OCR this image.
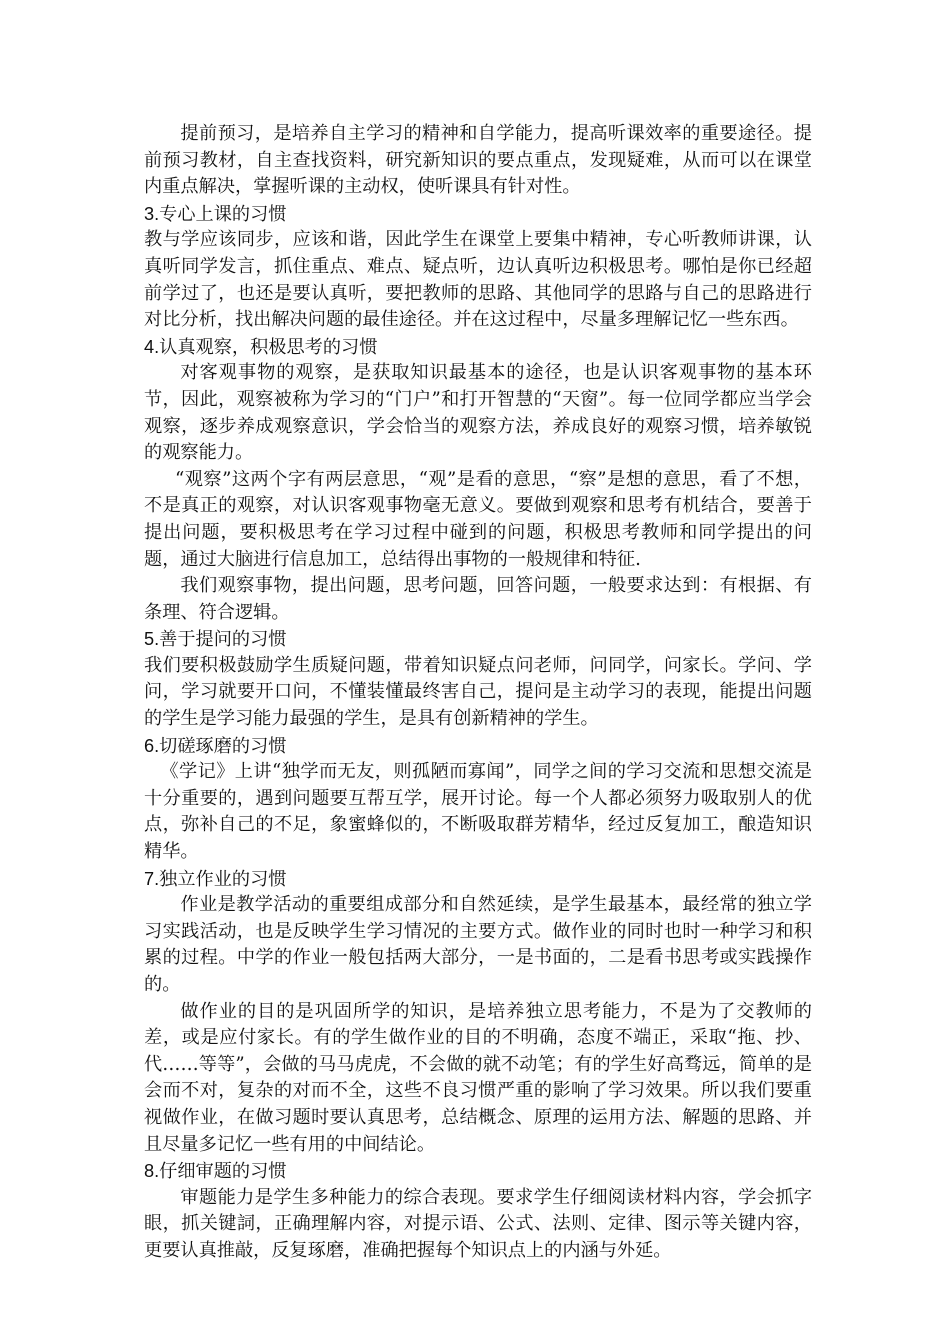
提前预习，是培养自主学习的精神和自学能力，提高听课效率的重要途径。提前预习教材，自主查找资料，研究新知识的要点重点，发现疑难，从而可以在课堂内重点解决，掌握听课的主动权，使听课具有针对性。

3.专心上课的习惯

教与学应该同步，应该和谐，因此学生在课堂上要集中精神，专心听教师讲课，认真听同学发言，抓住重点、难点、疑点听，边认真听边积极思考。哪怕是你已经超前学过了，也还是要认真听，要把教师的思路、其他同学的思路与自己的思路进行对比分析，找出解决问题的最佳途径。并在这过程中，尽量多理解记忆一些东西。

4.认真观察，积极思考的习惯

对客观事物的观察，是获取知识最基本的途径，也是认识客观事物的基本环节，因此，观察被称为学习的“门户”和打开智慧的“天窗”。每一位同学都应当学会观察，逐步养成观察意识，学会恰当的观察方法，养成良好的观察习惯，培养敏锐的观察能力。

“观察”这两个字有两层意思，“观”是看的意思，“察”是想的意思，看了不想，不是真正的观察，对认识客观事物毫无意义。要做到观察和思考有机结合，要善于提出问题，要积极思考在学习过程中碰到的问题，积极思考教师和同学提出的问题，通过大脑进行信息加工，总结得出事物的一般规律和特征.

我们观察事物，提出问题，思考问题，回答问题，一般要求达到：有根据、有条理、符合逻辑。

5.善于提问的习惯

我们要积极鼓励学生质疑问题，带着知识疑点问老师，问同学，问家长。学问、学问，学习就要开口问，不懂装懂最终害自己，提问是主动学习的表现，能提出问题的学生是学习能力最强的学生，是具有创新精神的学生。

6.切磋琢磨的习惯

《学记》上讲“独学而无友，则孤陋而寡闻”，同学之间的学习交流和思想交流是十分重要的，遇到问题要互帮互学，展开讨论。每一个人都必须努力吸取别人的优点，弥补自己的不足，象蜜蜂似的，不断吸取群芳精华，经过反复加工，酿造知识精华。

7.独立作业的习惯

作业是教学活动的重要组成部分和自然延续，是学生最基本，最经常的独立学习实践活动，也是反映学生学习情况的主要方式。做作业的同时也时一种学习和积累的过程。中学的作业一般包括两大部分，一是书面的，二是看书思考或实践操作的。

做作业的目的是巩固所学的知识，是培养独立思考能力，不是为了交教师的差，或是应付家长。有的学生做作业的目的不明确，态度不端正，采取“拖、抄、代……等等”，会做的马马虎虎，不会做的就不动笔；有的学生好高骛远，简单的是会而不对，复杂的对而不全，这些不良习惯严重的影响了学习效果。所以我们要重视做作业，在做习题时要认真思考，总结概念、原理的运用方法、解题的思路、并且尽量多记忆一些有用的中间结论。

8.仔细审题的习惯

审题能力是学生多种能力的综合表现。要求学生仔细阅读材料内容，学会抓字眼，抓关键詞，正确理解内容，对提示语、公式、法则、定律、图示等关键内容，更要认真推敲，反复琢磨，准确把握每个知识点上的内涵与外延。
